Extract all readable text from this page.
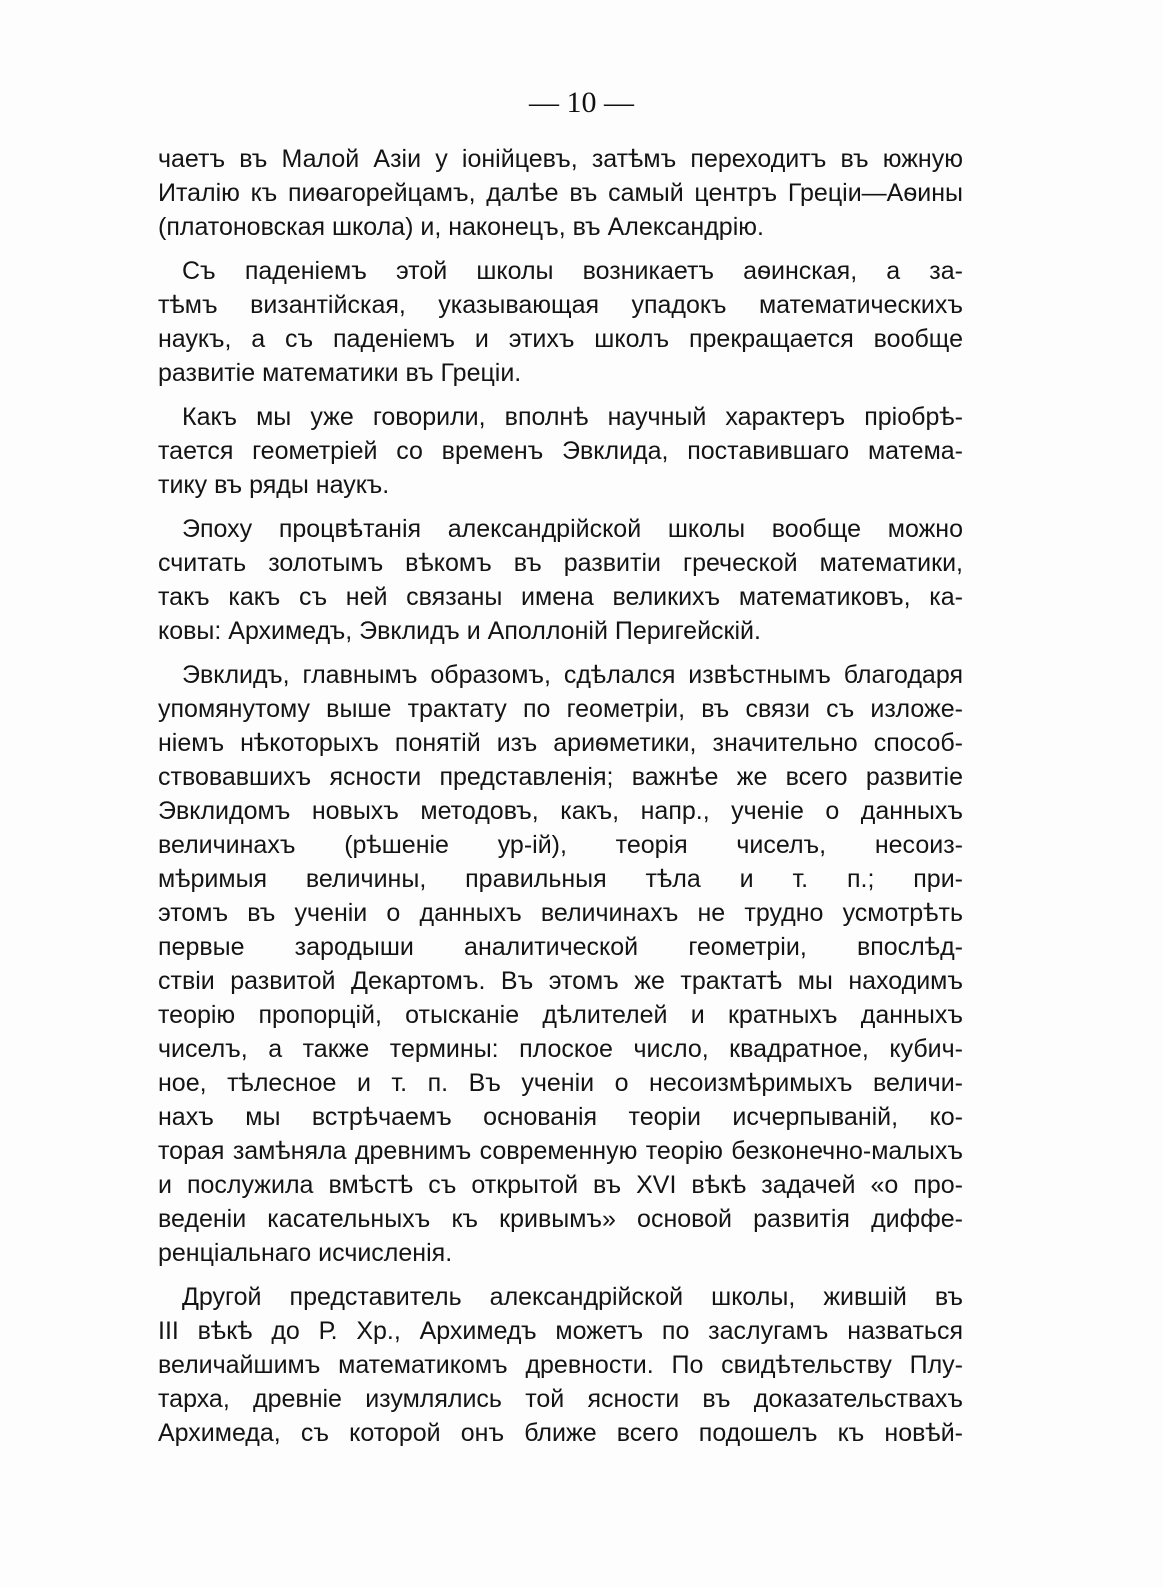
— 10 —
чаетъ въ Малой Азіи у іонійцевъ, затѣмъ переходитъ въ южную
Италію къ пиѳагорейцамъ, далѣе въ самый центръ Греціи—Аѳины
(платоновская школа) и, наконецъ, въ Александрію.
Съ паденіемъ этой школы возникаетъ аѳинская, а за-
тѣмъ византійская, указывающая упадокъ математическихъ
наукъ, а съ паденіемъ и этихъ школъ прекращается вообще
развитіе математики въ Греціи.
Какъ мы уже говорили, вполнѣ научный характеръ пріобрѣ-
тается геометріей со временъ Эвклида, поставившаго матема-
тику въ ряды наукъ.
Эпоху процвѣтанія александрійской школы вообще можно
считать золотымъ вѣкомъ въ развитіи греческой математики,
такъ какъ съ ней связаны имена великихъ математиковъ, ка-
ковы: Архимедъ, Эвклидъ и Аполлоній Перигейскій.
Эвклидъ, главнымъ образомъ, сдѣлался извѣстнымъ благодаря
упомянутому выше трактату по геометріи, въ связи съ изложе-
ніемъ нѣкоторыхъ понятій изъ ариѳметики, значительно способ-
ствовавшихъ ясности представленія; важнѣе же всего развитіе
Эвклидомъ новыхъ методовъ, какъ, напр., ученіе о данныхъ
величинахъ (рѣшеніе ур-ій), теорія чиселъ, несоиз-
мѣримыя величины, правильныя тѣла и т. п.; при-
этомъ въ ученіи о данныхъ величинахъ не трудно усмотрѣть
первые зародыши аналитической геометріи, впослѣд-
ствіи развитой Декартомъ. Въ этомъ же трактатѣ мы находимъ
теорію пропорцій, отысканіе дѣлителей и кратныхъ данныхъ
чиселъ, а также термины: плоское число, квадратное, кубич-
ное, тѣлесное и т. п. Въ ученіи о несоизмѣримыхъ величи-
нахъ мы встрѣчаемъ основанія теоріи исчерпываній, ко-
торая замѣняла древнимъ современную теорію безконечно-малыхъ
и послужила вмѣстѣ съ открытой въ XVI вѣкѣ задачей «о про-
веденіи касательныхъ къ кривымъ» основой развитія диффе-
ренціальнаго исчисленія.
Другой представитель александрійской школы, жившій въ
III вѣкѣ до Р. Хр., Архимедъ можетъ по заслугамъ назваться
величайшимъ математикомъ древности. По свидѣтельству Плу-
тарха, древніе изумлялись той ясности въ доказательствахъ
Архимеда, съ которой онъ ближе всего подошелъ къ новѣй-
